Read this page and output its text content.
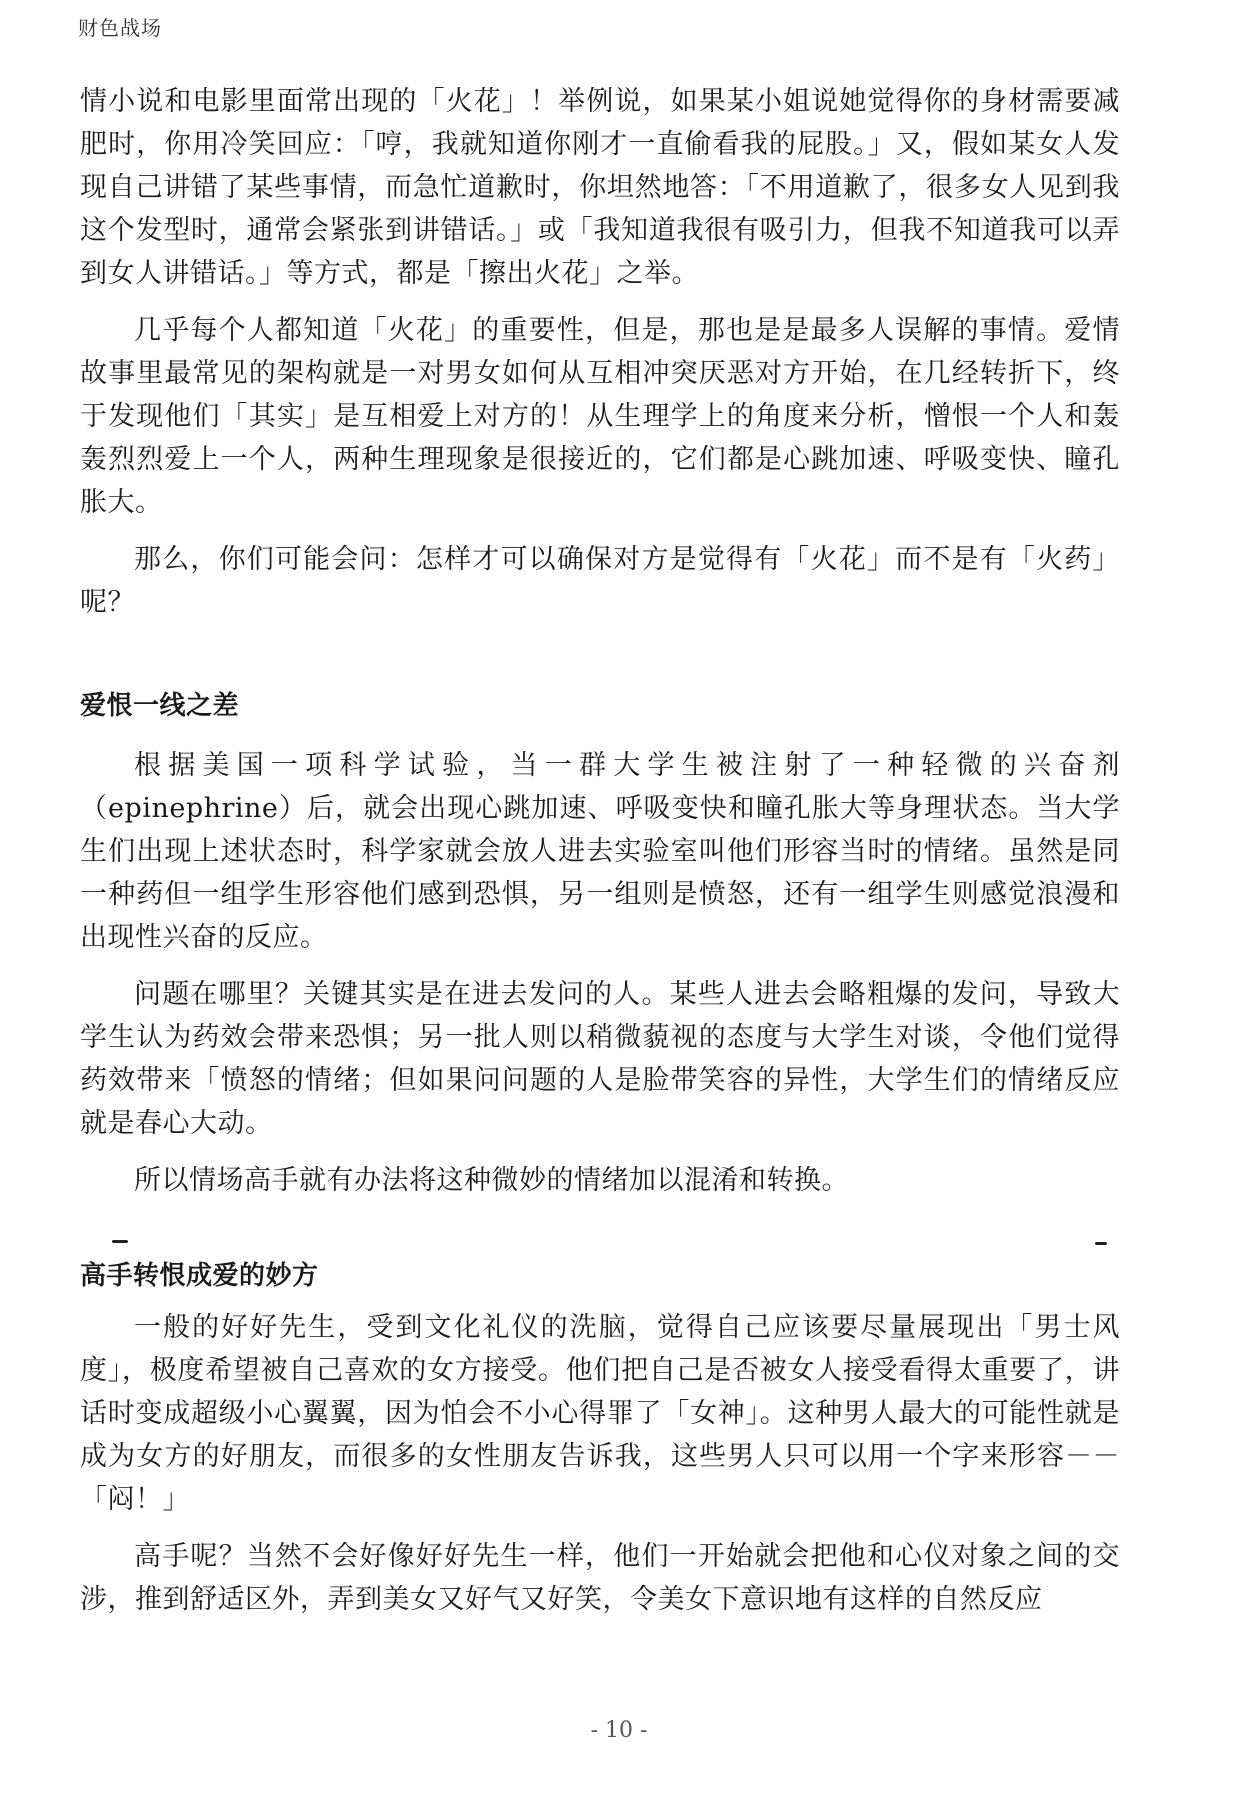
财色战场

情小说和电影里面常出现的「火花」！举例说，如果某小姐说她觉得你的身材需要减肥时，你用冷笑回应：「哼，我就知道你刚才一直偷看我的屁股。」又，假如某女人发现自己讲错了某些事情，而急忙道歉时，你坦然地答：「不用道歉了，很多女人见到我这个发型时，通常会紧张到讲错话。」或「我知道我很有吸引力，但我不知道我可以弄到女人讲错话。」等方式，都是「擦出火花」之举。

几乎每个人都知道「火花」的重要性，但是，那也是是最多人误解的事情。爱情故事里最常见的架构就是一对男女如何从互相冲突厌恶对方开始，在几经转折下，终于发现他们「其实」是互相爱上对方的！从生理学上的角度来分析，憎恨一个人和轰轰烈烈爱上一个人，两种生理现象是很接近的，它们都是心跳加速、呼吸变快、瞳孔胀大。

那么，你们可能会问：怎样才可以确保对方是觉得有「火花」而不是有「火药」呢？

爱恨一线之差

根据美国一项科学试验，当一群大学生被注射了一种轻微的兴奋剂（epinephrine）后，就会出现心跳加速、呼吸变快和瞳孔胀大等身理状态。当大学生们出现上述状态时，科学家就会放人进去实验室叫他们形容当时的情绪。虽然是同一种药但一组学生形容他们感到恐惧，另一组则是愤怒，还有一组学生则感觉浪漫和出现性兴奋的反应。

问题在哪里？关键其实是在进去发问的人。某些人进去会略粗爆的发问，导致大学生认为药效会带来恐惧；另一批人则以稍微藐视的态度与大学生对谈，令他们觉得药效带来「愤怒的情绪；但如果问问题的人是脸带笑容的异性，大学生们的情绪反应就是春心大动。

所以情场高手就有办法将这种微妙的情绪加以混淆和转换。

高手转恨成爱的妙方

一般的好好先生，受到文化礼仪的洗脑，觉得自己应该要尽量展现出「男士风度」，极度希望被自己喜欢的女方接受。他们把自己是否被女人接受看得太重要了，讲话时变成超级小心翼翼，因为怕会不小心得罪了「女神」。这种男人最大的可能性就是成为女方的好朋友，而很多的女性朋友告诉我，这些男人只可以用一个字来形容－－「闷！」

高手呢？当然不会好像好好先生一样，他们一开始就会把他和心仪对象之间的交涉，推到舒适区外，弄到美女又好气又好笑，令美女下意识地有这样的自然反应

- 10 -
